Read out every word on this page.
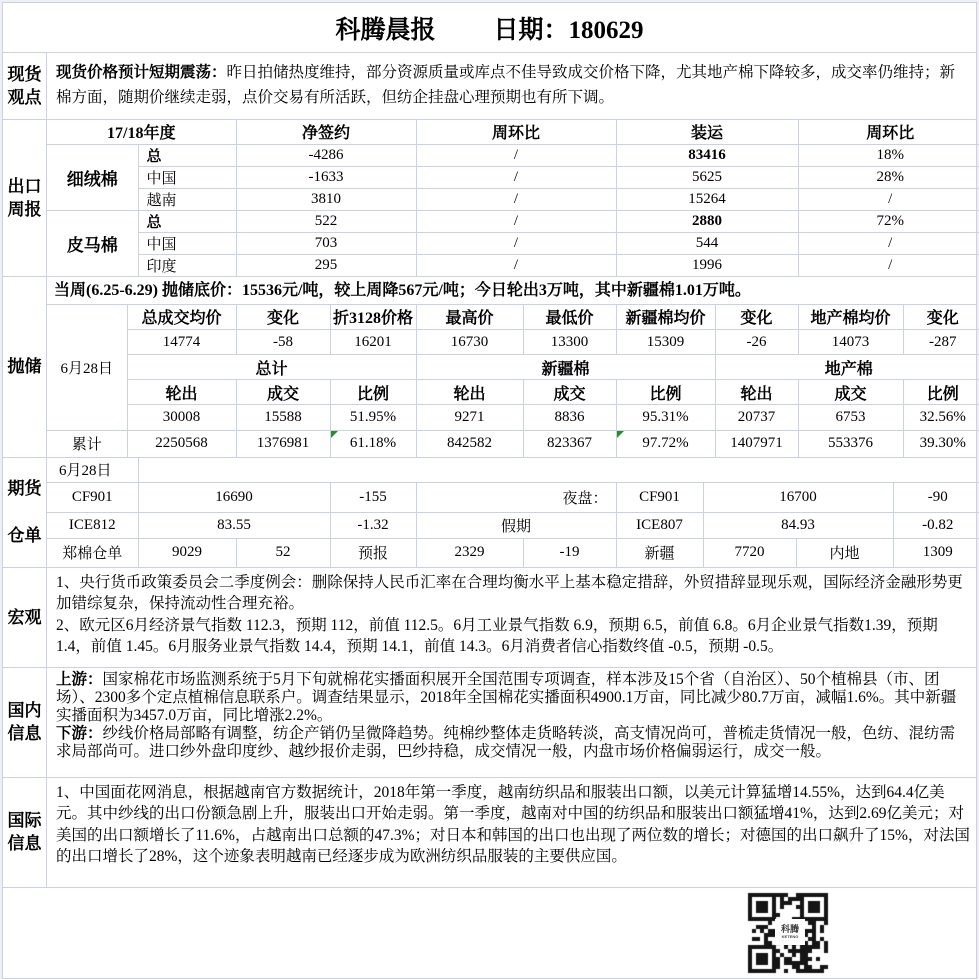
科腾晨报 日期：180629
现货
观点
现货价格预计短期震荡：昨日拍储热度维持，部分资源质量或库点不佳导致成交价格下降，尤其地产棉下降较多，成交率仍维持；新棉方面，随期价继续走弱，点价交易有所活跃，但纺企挂盘心理预期也有所下调。
出口
周报
17/18年度		净签约	周环比	装运	周环比
细绒棉	总	-4286	/	83416	18%
	中国	-1633	/	5625	28%
	越南	3810	/	15264	/
皮马棉	总	522	/	2880	72%
	中国	703	/	544	/
	印度	295	/	1996	/
抛储
当周(6.25-6.29) 抛储底价：15536元/吨，较上周降567元/吨；今日轮出3万吨，其中新疆棉1.01万吨。
6月28日	总成交均价	变化	折3128价格	最高价	最低价	新疆棉均价	变化	地产棉均价	变化
	14774	-58	16201	16730	13300	15309	-26	14073	-287
	总计			新疆棉			地产棉		
	轮出	成交	比例	轮出	成交	比例	轮出	成交	比例
	30008	15588	51.95%	9271	8836	95.31%	20737	6753	32.56%
累计	2250568	1376981	61.18%	842582	823367	97.72%	1407971	553376	39.30%
期货
仓单
6月28日									
CF901	16690		-155	夜盘：		CF901	16700		-90
ICE812	83.55		-1.32	假期		ICE807	84.93		-0.82
郑棉仓单	9029	52	预报	2329	-19	新疆	7720	内地	1309
宏观
1、央行货币政策委员会二季度例会：删除保持人民币汇率在合理均衡水平上基本稳定措辞，外贸措辞显现乐观，国际经济金融形势更加错综复杂，保持流动性合理充裕。
2、欧元区6月经济景气指数 112.3，预期 112，前值 112.5。6月工业景气指数 6.9，预期 6.5，前值 6.8。6月企业景气指数1.39，预期 1.4，前值 1.45。6月服务业景气指数 14.4，预期 14.1，前值 14.3。6月消费者信心指数终值 -0.5，预期 -0.5。
国内
信息
上游：国家棉花市场监测系统于5月下旬就棉花实播面积展开全国范围专项调查，样本涉及15个省（自治区）、50个植棉县（市、团场）、2300多个定点植棉信息联系户。调查结果显示，2018年全国棉花实播面积4900.1万亩，同比减少80.7万亩，减幅1.6%。其中新疆实播面积为3457.0万亩，同比增涨2.2%。
下游：纱线价格局部略有调整，纺企产销仍呈微降趋势。纯棉纱整体走货略转淡，高支情况尚可，普梳走货情况一般，色纺、混纺需求局部尚可。进口纱外盘印度纱、越纱报价走弱，巴纱持稳，成交情况一般，内盘市场价格偏弱运行，成交一般。
国际
信息
1、中国面花网消息，根据越南官方数据统计，2018年第一季度，越南纺织品和服装出口额，以美元计算猛增14.55%，达到64.4亿美元。其中纱线的出口份额急剧上升，服装出口开始走弱。第一季度，越南对中国的纺织品和服装出口额猛增41%，达到2.69亿美元；对美国的出口额增长了11.6%，占越南出口总额的47.3%；对日本和韩国的出口也出现了两位数的增长；对德国的出口飙升了15%，对法国的出口增长了28%，这个迹象表明越南已经逐步成为欧洲纺织品服装的主要供应国。
科腾
KETENG
